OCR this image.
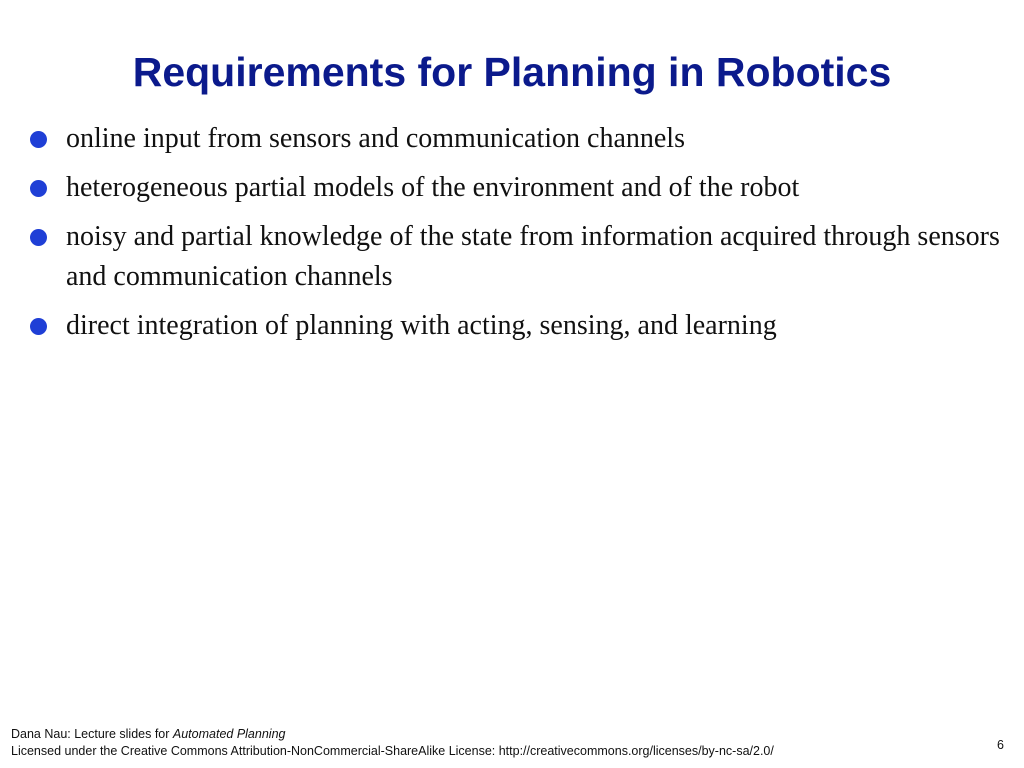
Requirements for Planning in Robotics
online input from sensors and communication channels
heterogeneous partial models of the environment and of the robot
noisy and partial knowledge of the state from information acquired through sensors and communication channels
direct integration of planning with acting, sensing, and learning
Dana Nau: Lecture slides for Automated Planning
Licensed under the Creative Commons Attribution-NonCommercial-ShareAlike License: http://creativecommons.org/licenses/by-nc-sa/2.0/	6
